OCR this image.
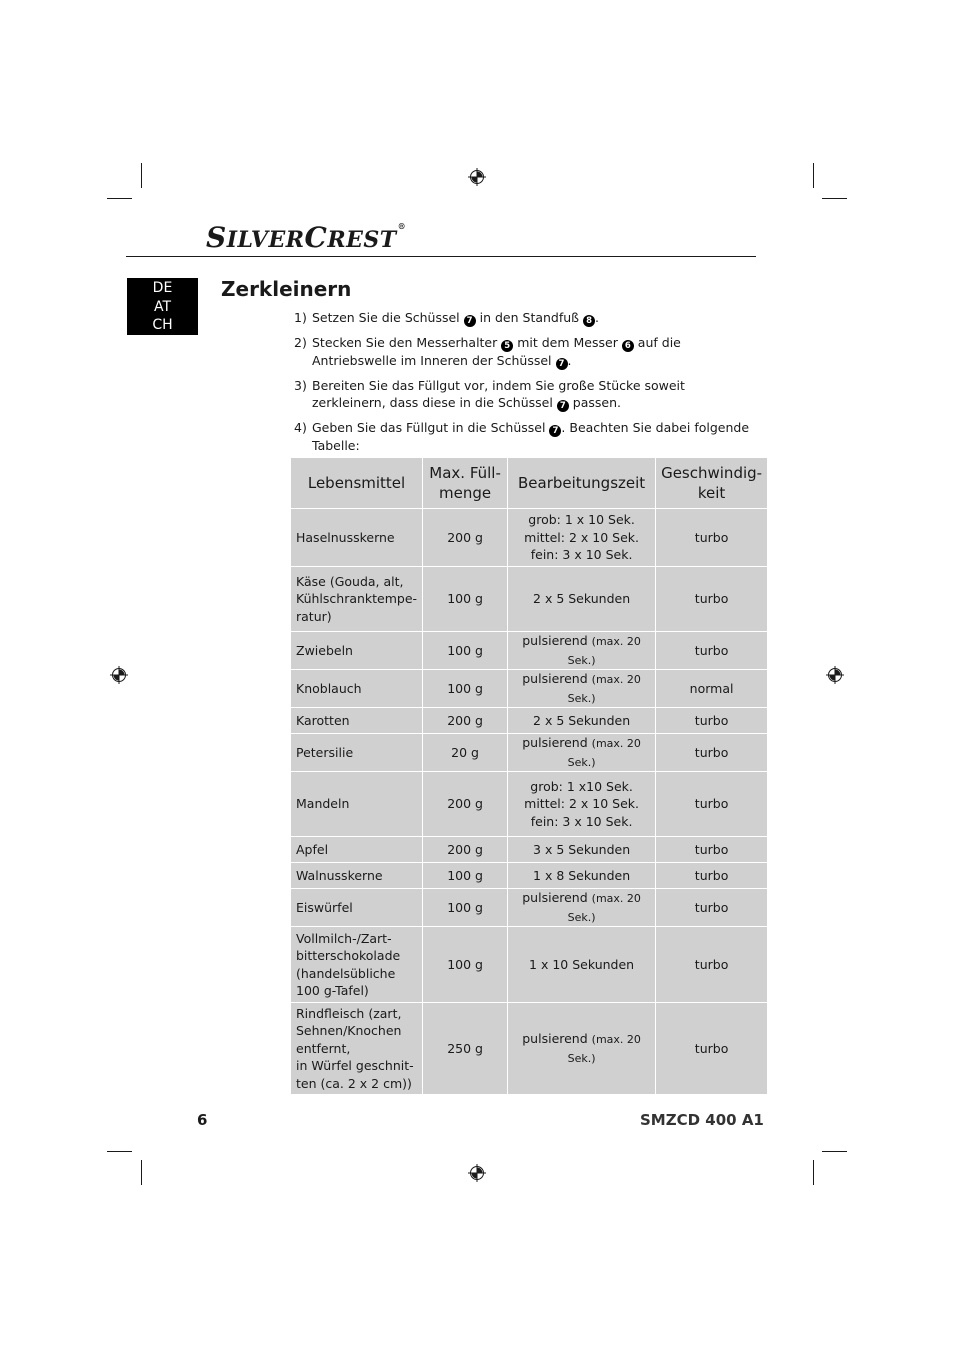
SILVERCREST®
DE
AT
CH
Zerkleinern
1) Setzen Sie die Schüssel 7 in den Standfuß 8 .
2) Stecken Sie den Messerhalter 5 mit dem Messer 6 auf die Antriebswelle im Inneren der Schüssel 7 .
3) Bereiten Sie das Füllgut vor, indem Sie große Stücke soweit zerkleinern, dass diese in die Schüssel 7 passen.
4) Geben Sie das Füllgut in die Schüssel 7 . Beachten Sie dabei folgende Tabelle:
Lebensmittel	Max. Füll-
menge	Bearbeitungszeit	Geschwindig-
keit
Haselnusskerne	200 g	grob: 1 x 10 Sek.
mittel: 2 x 10 Sek.
fein: 3 x 10 Sek.	turbo
Käse (Gouda, alt,
Kühlschranktempe-
ratur)	100 g	2 x 5 Sekunden	turbo
Zwiebeln	100 g	pulsierend (max. 20 Sek.)	turbo
Knoblauch	100 g	pulsierend (max. 20 Sek.)	normal
Karotten	200 g	2 x 5 Sekunden	turbo
Petersilie	20 g	pulsierend (max. 20 Sek.)	turbo
Mandeln	200 g	grob: 1 x10 Sek.
mittel: 2 x 10 Sek.
fein: 3 x 10 Sek.	turbo
Apfel	200 g	3 x 5 Sekunden	turbo
Walnusskerne	100 g	1 x 8 Sekunden	turbo
Eiswürfel	100 g	pulsierend (max. 20 Sek.)	turbo
Vollmilch-/Zart-
bitterschokolade
(handelsübliche
100 g-Tafel)	100 g	1 x 10 Sekunden	turbo
Rindfleisch (zart,
Sehnen/Knochen
entfernt,
in Würfel geschnit-
ten (ca. 2 x 2 cm))	250 g	pulsierend (max. 20 Sek.)	turbo
6	SMZCD 400 A1
